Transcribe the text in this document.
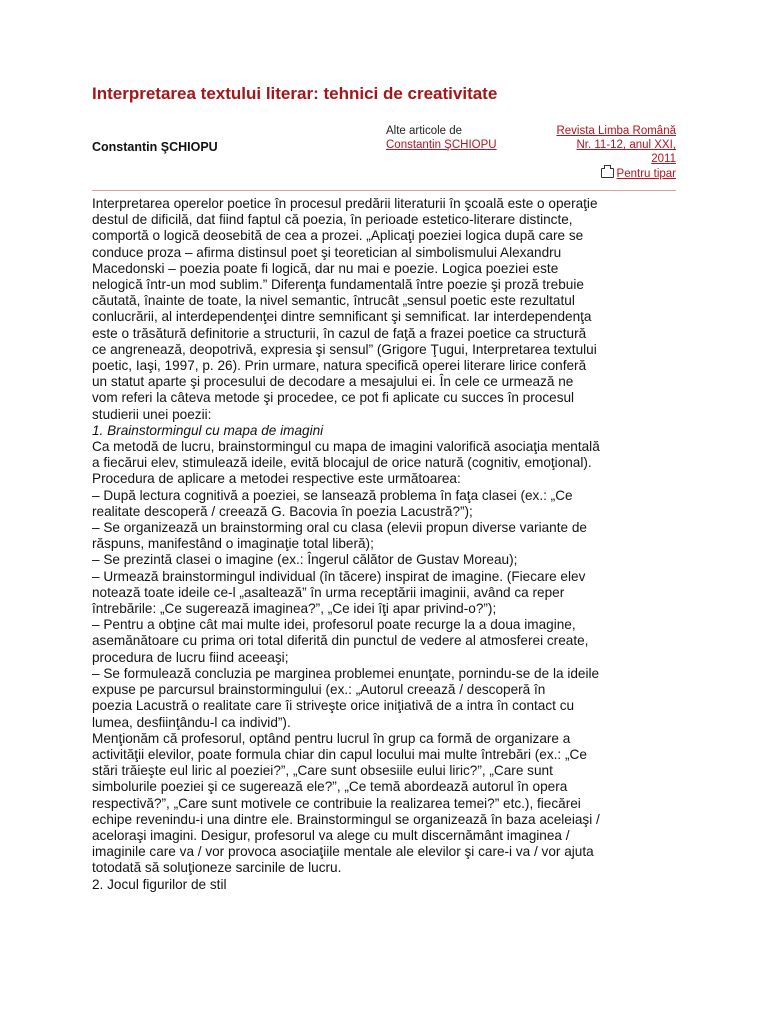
Interpretarea textului literar: tehnici de creativitate
Constantin ŞCHIOPU
Alte articole de
Constantin ŞCHIOPU
Revista Limba Română
Nr. 11-12, anul XXI,
2011
Pentru tipar

Interpretarea operelor poetice în procesul predării literaturii în şcoală este o operaţie

destul de dificilă, dat fiind faptul că poezia, în perioade estetico-literare distincte,

comportă o logică deosebită de cea a prozei. „Aplicaţi poeziei logica după care se

conduce proza – afirma distinsul poet şi teoretician al simbolismului Alexandru

Macedonski – poezia poate fi logică, dar nu mai e poezie. Logica poeziei este

nelogică într-un mod sublim.” Diferenţa fundamentală între poezie şi proză trebuie

căutată, înainte de toate, la nivel semantic, întrucât „sensul poetic este rezultatul

conlucrării, al interdependenţei dintre semnificant şi semnificat. Iar interdependenţa

este o trăsătură definitorie a structurii, în cazul de faţă a frazei poetice ca structură

ce angrenează, deopotrivă, expresia şi sensul” (Grigore Ţugui, Interpretarea textului

poetic, Iaşi, 1997, p. 26). Prin urmare, natura specifică operei literare lirice conferă

un statut aparte şi procesului de decodare a mesajului ei. În cele ce urmează ne

vom referi la câteva metode şi procedee, ce pot fi aplicate cu succes în procesul

studierii unei poezii:

1. Brainstormingul cu mapa de imagini

Ca metodă de lucru, brainstormingul cu mapa de imagini valorifică asociaţia mentală

a fiecărui elev, stimulează ideile, evită blocajul de orice natură (cognitiv, emoţional).

Procedura de aplicare a metodei respective este următoarea:

– După lectura cognitivă a poeziei, se lansează problema în faţa clasei (ex.: „Ce

realitate descoperă / creează G. Bacovia în poezia Lacustră?”);

– Se organizează un brainstorming oral cu clasa (elevii propun diverse variante de

răspuns, manifestând o imaginaţie total liberă);

– Se prezintă clasei o imagine (ex.: Îngerul călător de Gustav Moreau);

– Urmează brainstormingul individual (în tăcere) inspirat de imagine. (Fiecare elev

notează toate ideile ce-l „asaltează” în urma receptării imaginii, având ca reper

întrebările: „Ce sugerează imaginea?”, „Ce idei îţi apar privind-o?”);

– Pentru a obţine cât mai multe idei, profesorul poate recurge la a doua imagine,

asemănătoare cu prima ori total diferită din punctul de vedere al atmosferei create,

procedura de lucru fiind aceeaşi;

– Se formulează concluzia pe marginea problemei enunţate, pornindu-se de la ideile

expuse pe parcursul brainstormingului (ex.: „Autorul creează / descoperă în

poezia Lacustră o realitate care îi striveşte orice iniţiativă de a intra în contact cu

lumea, desfiinţându-l ca individ”).

Menţionăm că profesorul, optând pentru lucrul în grup ca formă de organizare a

activităţii elevilor, poate formula chiar din capul locului mai multe întrebări (ex.: „Ce

stări trăieşte eul liric al poeziei?”, „Care sunt obsesiile eului liric?”, „Care sunt

simbolurile poeziei şi ce sugerează ele?”, „Ce temă abordează autorul în opera

respectivă?”, „Care sunt motivele ce contribuie la realizarea temei?” etc.), fiecărei

echipe revenindu-i una dintre ele. Brainstormingul se organizează în baza aceleiaşi /

aceloraşi imagini. Desigur, profesorul va alege cu mult discernământ imaginea /

imaginile care va / vor provoca asociaţiile mentale ale elevilor şi care-i va / vor ajuta

totodată să soluţioneze sarcinile de lucru.

2. Jocul figurilor de stil
